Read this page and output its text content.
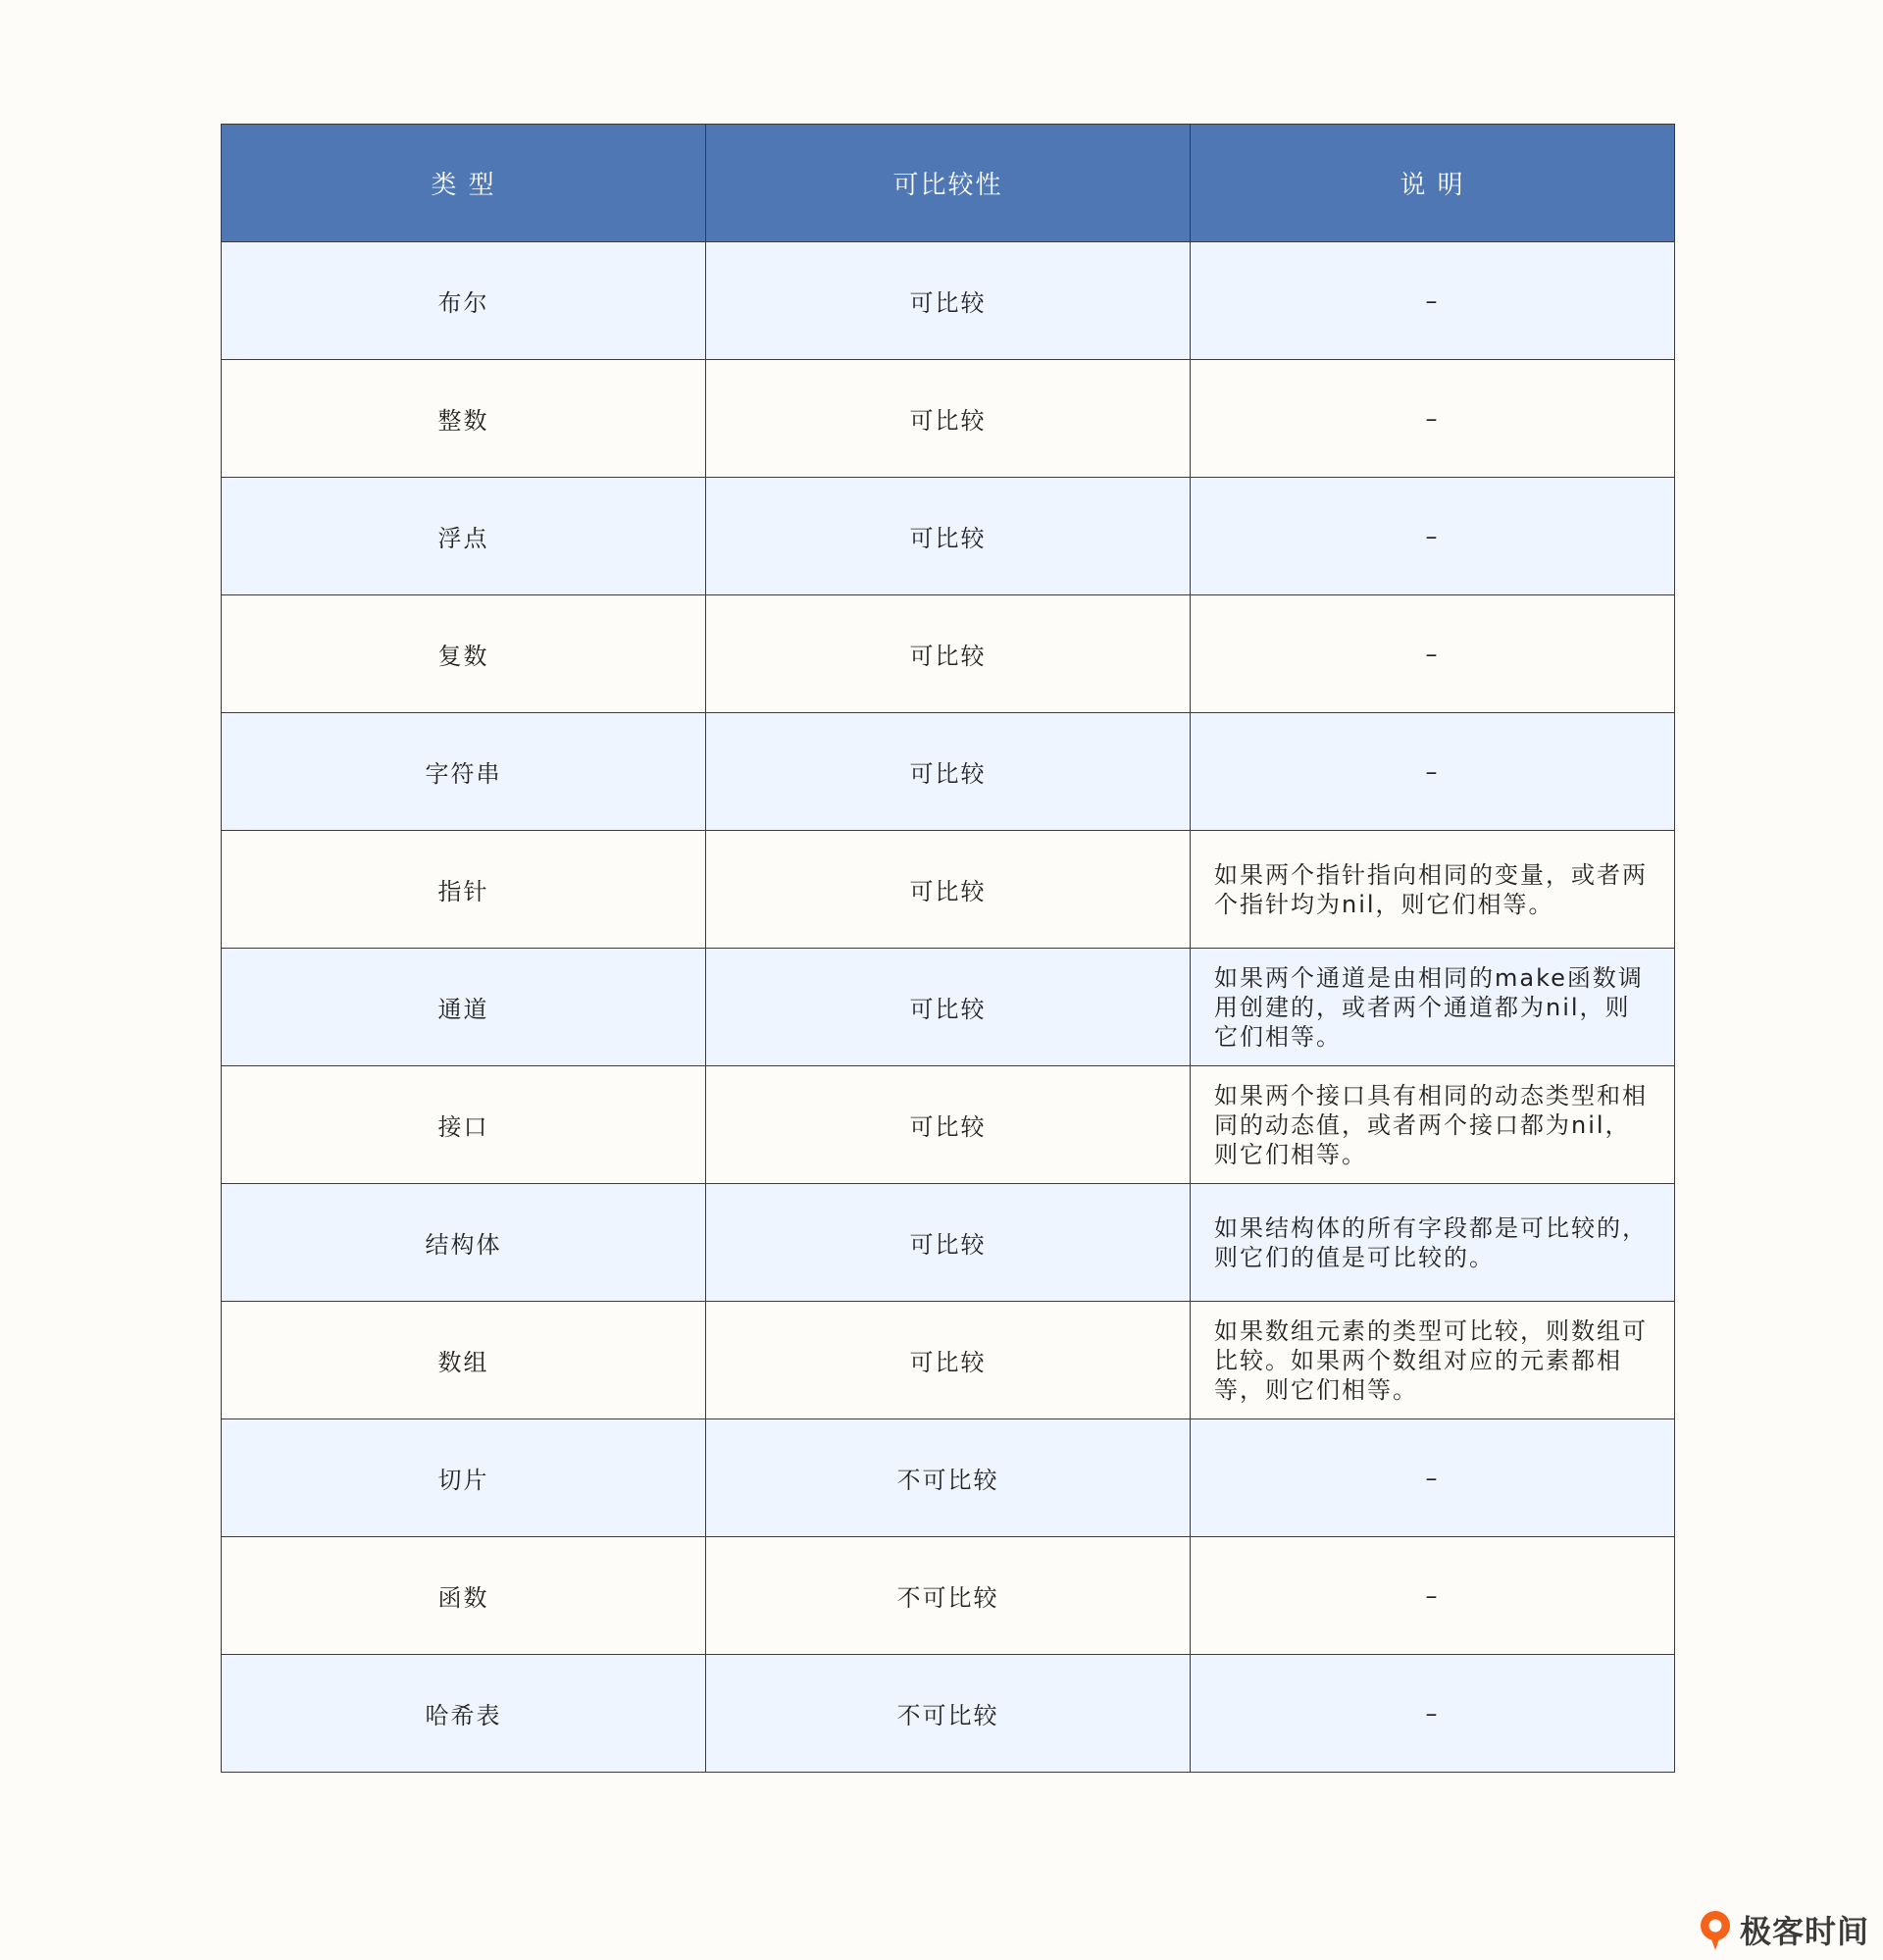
类 型	可比较性	说 明
布尔	可比较	–
整数	可比较	–
浮点	可比较	–
复数	可比较	–
字符串	可比较	–
指针	可比较	如果两个指针指向相同的变量，或者两个指针均为nil，则它们相等。
通道	可比较	如果两个通道是由相同的make函数调用创建的，或者两个通道都为nil，则它们相等。
接口	可比较	如果两个接口具有相同的动态类型和相同的动态值，或者两个接口都为nil，则它们相等。
结构体	可比较	如果结构体的所有字段都是可比较的，则它们的值是可比较的。
数组	可比较	如果数组元素的类型可比较，则数组可比较。如果两个数组对应的元素都相等，则它们相等。
切片	不可比较	–
函数	不可比较	–
哈希表	不可比较	–
极客时间
